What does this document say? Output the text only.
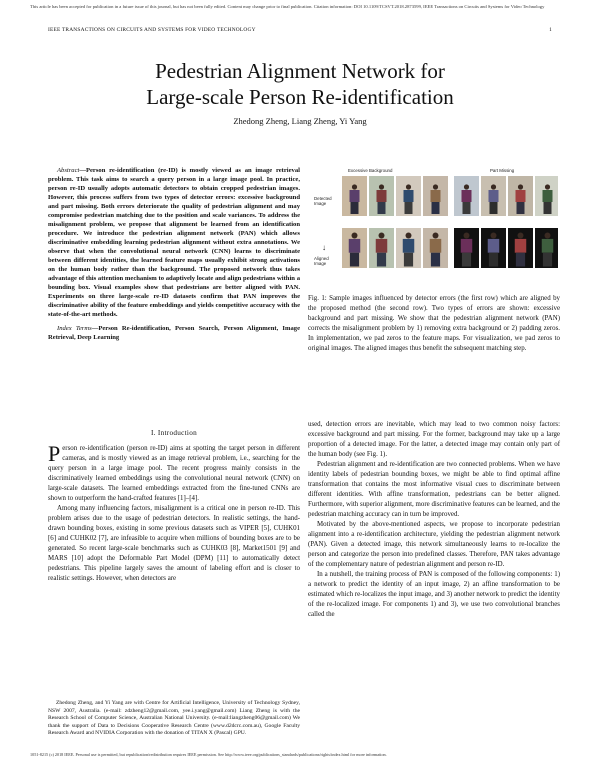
This article has been accepted for publication in a future issue of this journal, but has not been fully edited. Content may change prior to final publication. Citation information: DOI 10.1109/TCSVT.2018.2873599, IEEE Transactions on Circuits and Systems for Video Technology
IEEE TRANSACTIONS ON CIRCUITS AND SYSTEMS FOR VIDEO TECHNOLOGY	1
Pedestrian Alignment Network for
Large-scale Person Re-identification
Zhedong Zheng, Liang Zheng, Yi Yang
Abstract—Person re-identification (re-ID) is mostly viewed as an image retrieval problem. This task aims to search a query person in a large image pool. In practice, person re-ID usually adopts automatic detectors to obtain cropped pedestrian images. However, this process suffers from two types of detector errors: excessive background and part missing. Both errors deteriorate the quality of pedestrian alignment and may compromise pedestrian matching due to the position and scale variances. To address the misalignment problem, we propose that alignment be learned from an identification procedure. We introduce the pedestrian alignment network (PAN) which allows discriminative embedding learning pedestrian alignment without extra annotations. We observe that when the convolutional neural network (CNN) learns to discriminate between different identities, the learned feature maps usually exhibit strong activations on the human body rather than the background. The proposed network thus takes advantage of this attention mechanism to adaptively locate and align pedestrians within a bounding box. Visual examples show that pedestrians are better aligned with PAN. Experiments on three large-scale re-ID datasets confirm that PAN improves the discriminative ability of the feature embeddings and yields competitive accuracy with the state-of-the-art methods.
Index Terms—Person Re-identification, Person Search, Person Alignment, Image Retrieval, Deep Learning
Excessive Background	Part Missing
Detected Image
↓
Aligned Image
Fig. 1: Sample images influenced by detector errors (the first row) which are aligned by the proposed method (the second row). Two types of errors are shown: excessive background and part missing. We show that the pedestrian alignment network (PAN) corrects the misalignment problem by 1) removing extra background or 2) padding zeros. In implementation, we pad zeros to the feature maps. For visualization, we pad zeros to original images. The aligned images thus benefit the subsequent matching step.
I. Introduction

Person re-identification (person re-ID) aims at spotting the target person in different cameras, and is mostly viewed as an image retrieval problem, i.e., searching for the query person in a large image pool. The recent progress mainly consists in the discriminatively learned embeddings using the convolutional neural network (CNN) on large-scale datasets. The learned embeddings extracted from the fine-tuned CNNs are shown to outperform the hand-crafted features [1]–[4].

Among many influencing factors, misalignment is a critical one in person re-ID. This problem arises due to the usage of pedestrian detectors. In realistic settings, the hand-drawn bounding boxes, existing in some previous datasets such as VIPER [5], CUHK01 [6] and CUHK02 [7], are infeasible to acquire when millions of bounding boxes are to be generated. So recent large-scale benchmarks such as CUHK03 [8], Market1501 [9] and MARS [10] adopt the Deformable Part Model (DPM) [11] to automatically detect pedestrians. This pipeline largely saves the amount of labeling effort and is closer to realistic settings. However, when detectors are

Zhedong Zheng, and Yi Yang are with Centre for Artificial Intelligence, University of Technology Sydney, NSW 2007, Australia. (e-mail: zdzheng12@gmail.com, yee.i.yang@gmail.com) Liang Zheng is with the Research School of Computer Science, Australian National University. (e-mail:liangzheng06@gmail.com) We thank the support of Data to Decisions Cooperative Research Centre (www.d2dcrc.com.au), Google Faculty Research Award and NVIDIA Corporation with the donation of TITAN X (Pascal) GPU.

used, detection errors are inevitable, which may lead to two common noisy factors: excessive background and part missing. For the former, background may take up a large proportion of a detected image. For the latter, a detected image may contain only part of the human body (see Fig. 1).

Pedestrian alignment and re-identification are two connected problems. When we have identity labels of pedestrian bounding boxes, we might be able to find optimal affine transformation that contains the most informative visual cues to discriminate between different identities. With affine transformation, pedestrians can be better aligned. Furthermore, with superior alignment, more discriminative features can be learned, and the pedestrian matching accuracy can in turn be improved.

Motivated by the above-mentioned aspects, we propose to incorporate pedestrian alignment into a re-identification architecture, yielding the pedestrian alignment network (PAN). Given a detected image, this network simultaneously learns to re-localize the person and categorize the person into predefined classes. Therefore, PAN takes advantage of the complementary nature of pedestrian alignment and person re-ID.

In a nutshell, the training process of PAN is composed of the following components: 1) a network to predict the identity of an input image, 2) an affine transformation to be estimated which re-localizes the input image, and 3) another network to predict the identity of the re-localized image. For components 1) and 3), we use two convolutional branches called the

1051-8215 (c) 2018 IEEE. Personal use is permitted, but republication/redistribution requires IEEE permission. See http://www.ieee.org/publications_standards/publications/rights/index.html for more information.
